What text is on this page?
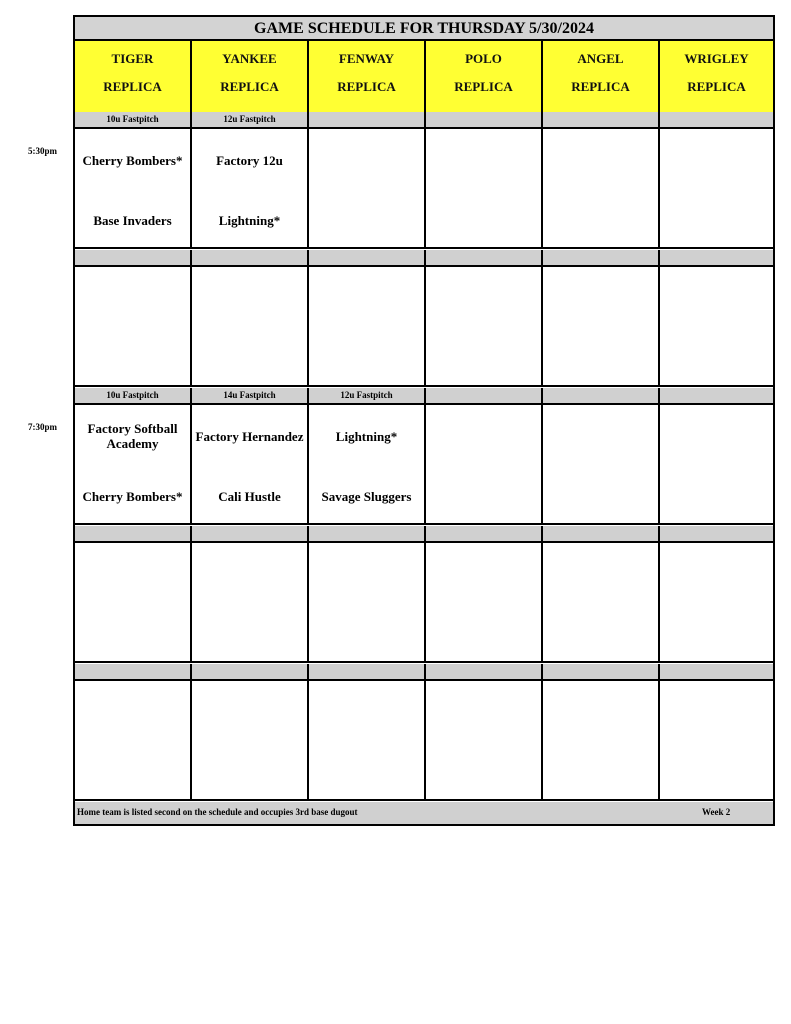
GAME SCHEDULE FOR THURSDAY 5/30/2024
TIGER
REPLICA
YANKEE
REPLICA
FENWAY
REPLICA
POLO
REPLICA
ANGEL
REPLICA
WRIGLEY
REPLICA
10u Fastpitch
Cherry Bombers*
Base Invaders
12u Fastpitch
Factory 12u
Lightning*
10u Fastpitch
Factory Softball Academy
Cherry Bombers*
14u Fastpitch
Factory Hernandez
Cali Hustle
12u Fastpitch
Lightning*
Savage Sluggers
Home team is listed second on the schedule and occupies 3rd base dugout	Week 2
5:30pm
7:30pm
